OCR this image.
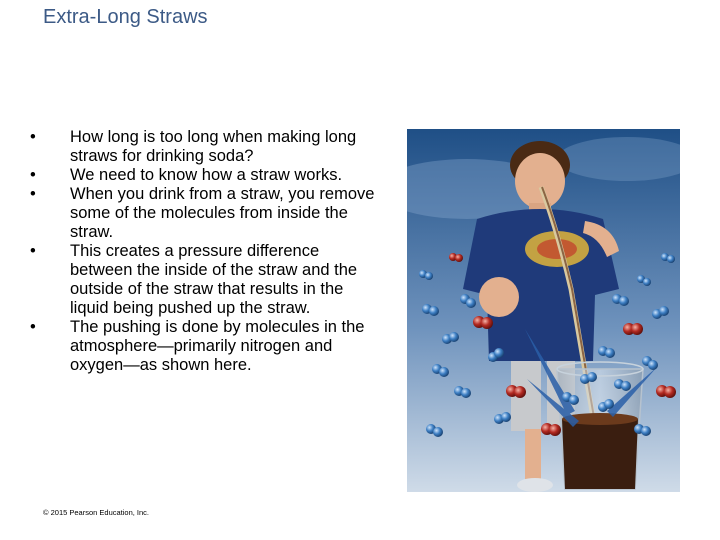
Extra-Long Straws
• How long is too long when making long straws for drinking soda?
• We need to know how a straw works.
• When you drink from a straw, you remove some of the molecules from inside the straw.
• This creates a pressure difference between the inside of the straw and the outside of the straw that results in the liquid being pushed up the straw.
• The pushing is done by molecules in the atmosphere—primarily nitrogen and oxygen—as shown here.
© 2015 Pearson Education, Inc.
